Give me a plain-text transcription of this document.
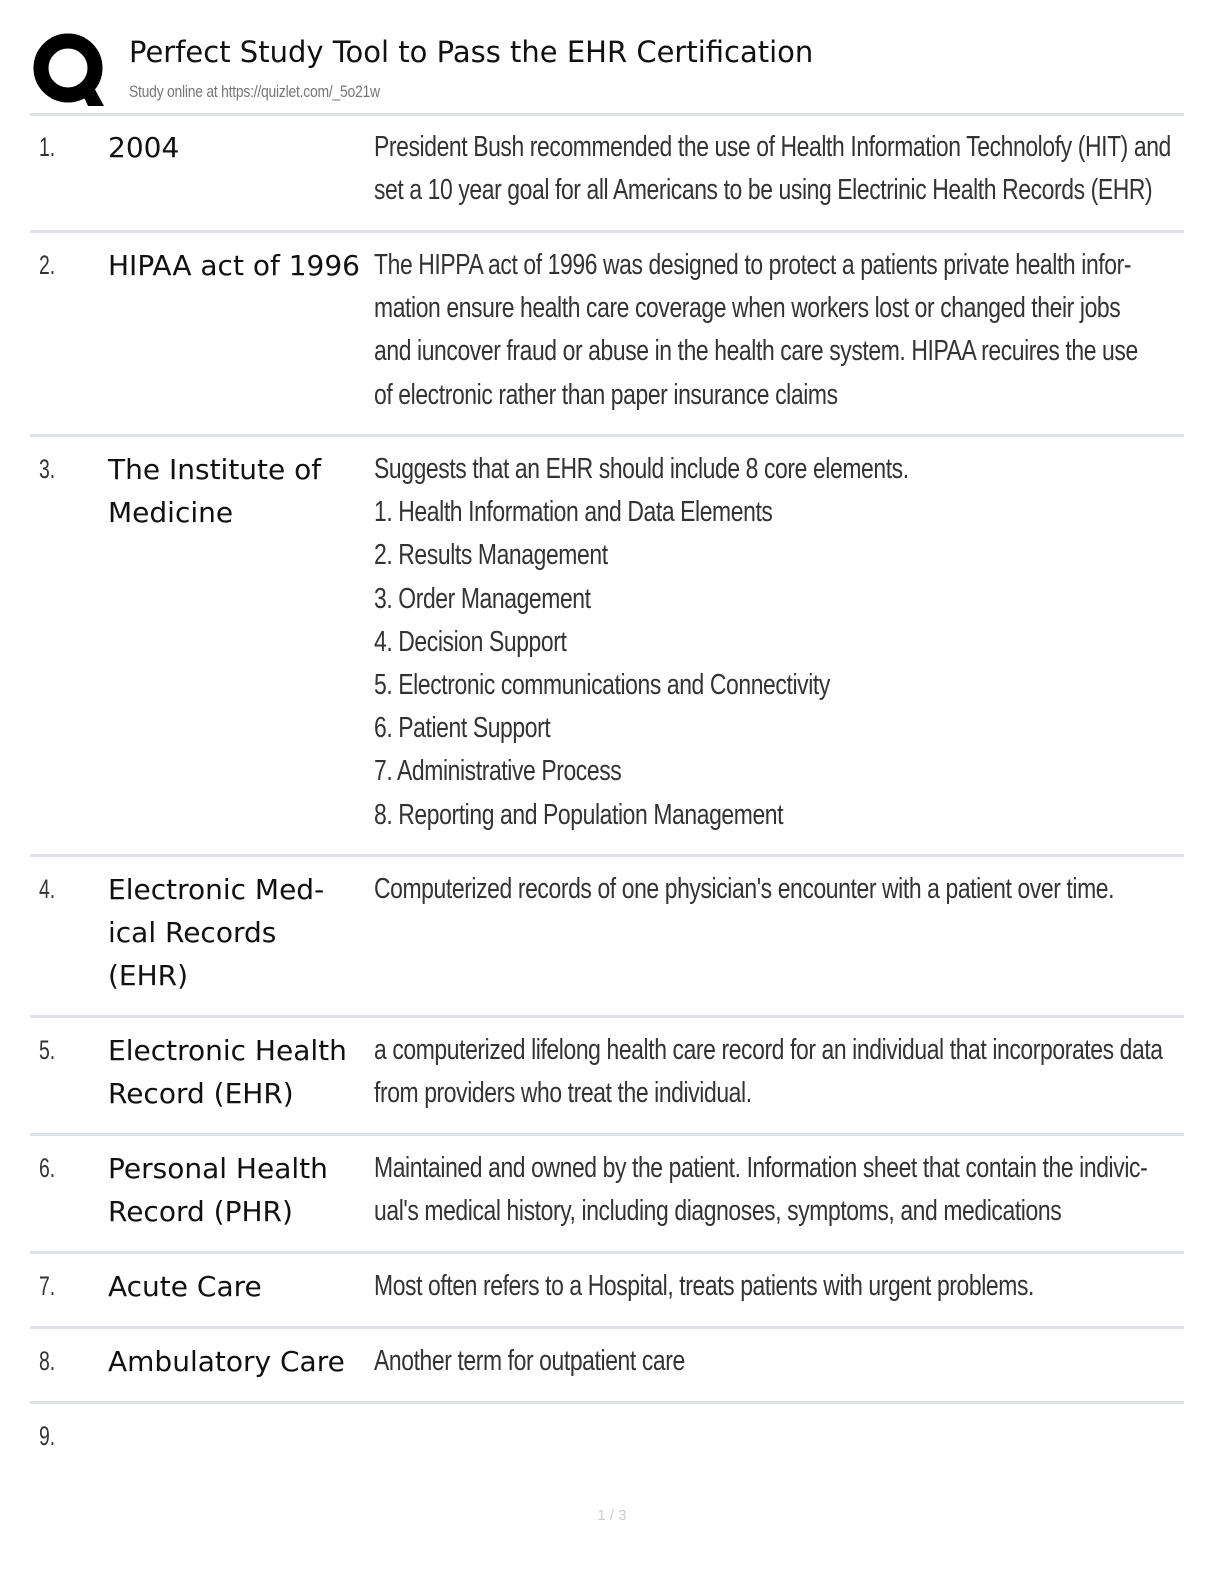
Perfect Study Tool to Pass the EHR Certification
Study online at https://quizlet.com/_5o21w
1. 2004	President Bush recommended the use of Health Information Technolofy (HIT) and
set a 10 year goal for all Americans to be using Electrinic Health Records (EHR)
2. HIPAA act of 1996 The HIPPA act of 1996 was designed to protect a patients private health infor-
mation ensure health care coverage when workers lost or changed their jobs
and iuncover fraud or abuse in the health care system. HIPAA recuires the use
of electronic rather than paper insurance claims
3. The Institute of Medicine
Suggests that an EHR should include 8 core elements.
1. Health Information and Data Elements
2. Results Management
3. Order Management
4. Decision Support
5. Electronic communications and Connectivity
6. Patient Support
7. Administrative Process
8. Reporting and Population Management
4. Electronic Med- ical Records (EHR)
Computerized records of one physician's encounter with a patient over time.
5. Electronic Health Record (EHR)
a computerized lifelong health care record for an individual that incorporates data
from providers who treat the individual.
6. Personal Health Record (PHR)
Maintained and owned by the patient. Information sheet that contain the indivic-
ual's medical history, including diagnoses, symptoms, and medications
7. Acute Care	Most often refers to a Hospital, treats patients with urgent problems.
8. Ambulatory Care Another term for outpatient care
9.
1 / 3
